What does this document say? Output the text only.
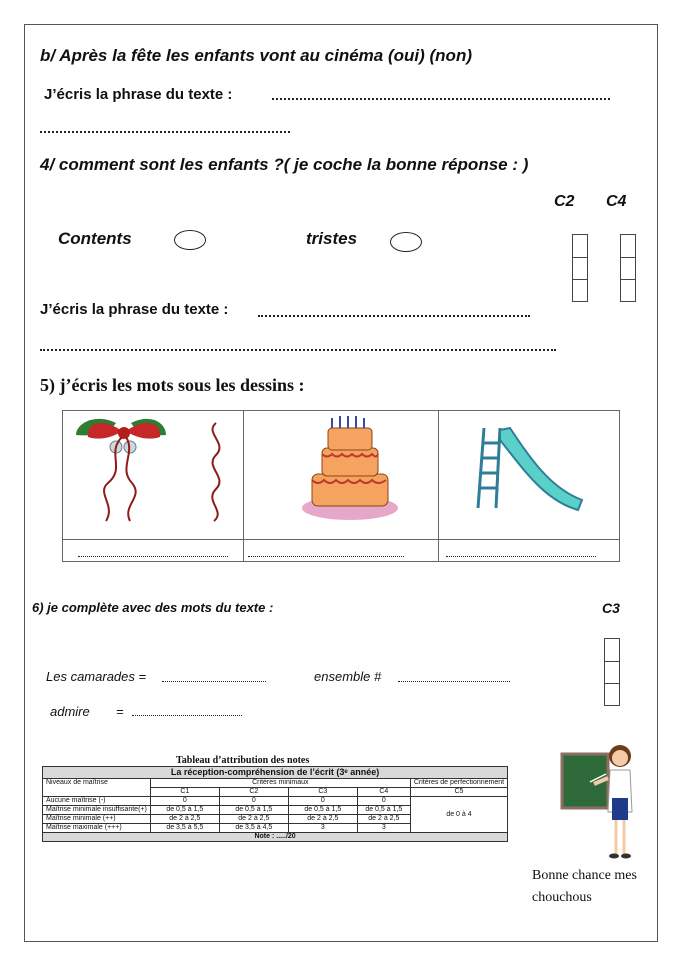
b/ Après la fête les enfants vont au cinéma (oui) (non)
J’écris la phrase du texte :
4/ comment sont les enfants ?( je coche la bonne réponse : )
C2 C4
Contents	tristes
J’écris la phrase du texte :
5) j’écris les mots sous les dessins :
6) je complète avec des mots du texte :	C3
Les camarades =	ensemble #
admire =
Tableau d’attribution des notes
La réception-compréhension de l’écrit (3ᵉ année)					
Niveaux de maîtrise	Critères minimaux				Critères de perfectionnement
	C1	C2	C3	C4	C5
Aucune maîtrise (-)	0	0	0	0	de 0 à 4
Maîtrise minimale insuffisante(+)	de 0,5 à 1,5	de 0,5 à 1,5	de 0,5 à 1,5	de 0,5 à 1,5	
Maîtrise minimale (++)	de 2 à 2,5	de 2 à 2,5	de 2 à 2,5	de 2 à 2,5	
Maîtrise maximale (+++)	de 3,5 à 5,5	de 3,5 à 4,5	3	3	
Note : ...../20					
Bonne chance mes
chouchous
